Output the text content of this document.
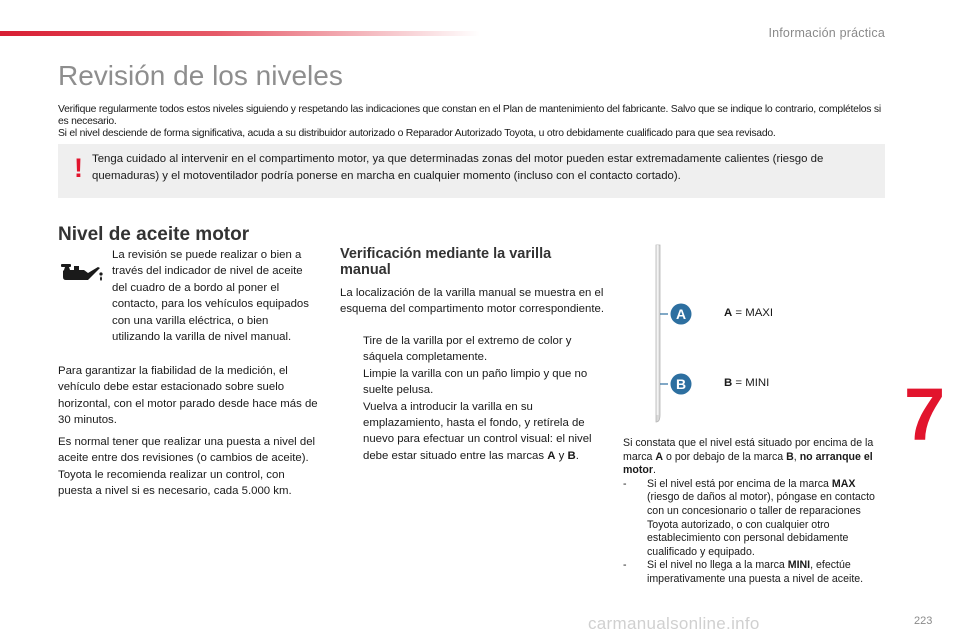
Información práctica
Revisión de los niveles

Verifique regularmente todos estos niveles siguiendo y respetando las indicaciones que constan en el Plan de mantenimiento del fabricante. Salvo que se indique lo contrario, complételos si es necesario.

Si el nivel desciende de forma significativa, acuda a su distribuidor autorizado o Reparador Autorizado Toyota, u otro debidamente cualificado para que sea revisado.

! Tenga cuidado al intervenir en el compartimento motor, ya que determinadas zonas del motor pueden estar extremadamente calientes (riesgo de quemaduras) y el motoventilador podría ponerse en marcha en cualquier momento (incluso con el contacto cortado).
Nivel de aceite motor

La revisión se puede realizar o bien a través del indicador de nivel de aceite del cuadro de a bordo al poner el contacto, para los vehículos equipados con una varilla eléctrica, o bien utilizando la varilla de nivel manual.

Para garantizar la fiabilidad de la medición, el vehículo debe estar estacionado sobre suelo horizontal, con el motor parado desde hace más de 30 minutos.

Es normal tener que realizar una puesta a nivel del aceite entre dos revisiones (o cambios de aceite). Toyota le recomienda realizar un control, con puesta a nivel si es necesario, cada 5.000 km.

Verificación mediante la varilla manual

La localización de la varilla manual se muestra en el esquema del compartimento motor correspondiente.

Tire de la varilla por el extremo de color y sáquela completamente.
Limpie la varilla con un paño limpio y que no suelte pelusa.
Vuelva a introducir la varilla en su emplazamiento, hasta el fondo, y retírela de nuevo para efectuar un control visual: el nivel debe estar situado entre las marcas A y B.
A
B
A = MAXI
B = MINI

Si constata que el nivel está situado por encima de la marca A o por debajo de la marca B, no arranque el motor.

- Si el nivel está por encima de la marca MAX (riesgo de daños al motor), póngase en contacto con un concesionario o taller de reparaciones Toyota autorizado, o con cualquier otro establecimiento con personal debidamente cualificado y equipado.
- Si el nivel no llega a la marca MINI, efectúe imperativamente una puesta a nivel de aceite.
7
carmanualsonline.info	223
